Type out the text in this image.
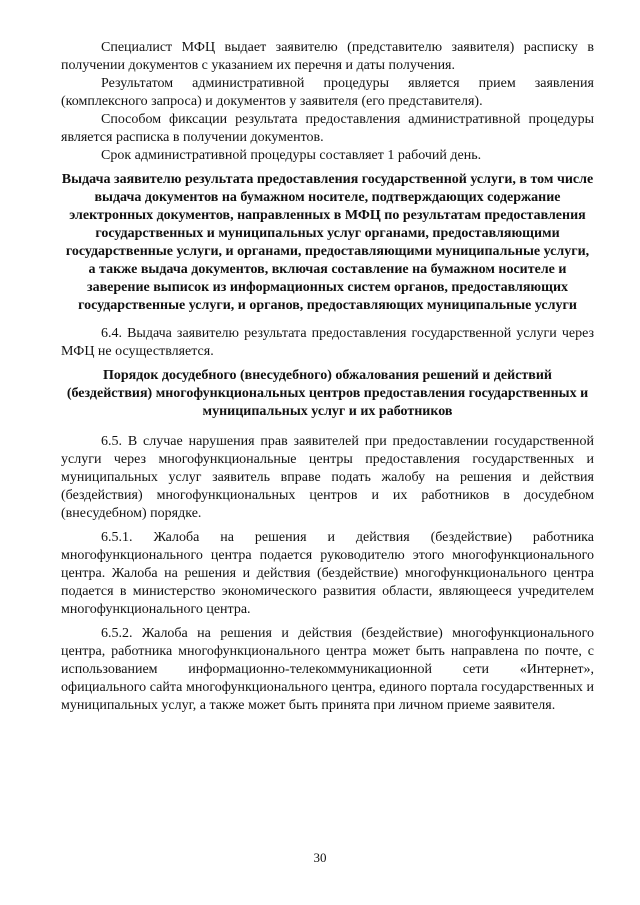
Специалист МФЦ выдает заявителю (представителю заявителя) расписку в получении документов с указанием их перечня и даты получения.

Результатом административной процедуры является прием заявления (комплексного запроса) и документов у заявителя (его представителя).

Способом фиксации результата предоставления административной процедуры является расписка в получении документов.

Срок административной процедуры составляет 1 рабочий день.

Выдача заявителю результата предоставления государственной услуги, в том числе выдача документов на бумажном носителе, подтверждающих содержание электронных документов, направленных в МФЦ по результатам предоставления государственных и муниципальных услуг органами, предоставляющими государственные услуги, и органами, предоставляющими муниципальные услуги, а также выдача документов, включая составление на бумажном носителе и заверение выписок из информационных систем органов, предоставляющих государственные услуги, и органов, предоставляющих муниципальные услуги

6.4. Выдача заявителю результата предоставления государственной услуги через МФЦ не осуществляется.

Порядок досудебного (внесудебного) обжалования решений и действий (бездействия) многофункциональных центров предоставления государственных и муниципальных услуг и их работников

6.5. В случае нарушения прав заявителей при предоставлении государственной услуги через многофункциональные центры предоставления государственных и муниципальных услуг заявитель вправе подать жалобу на решения и действия (бездействия) многофункциональных центров и их работников в досудебном (внесудебном) порядке.

6.5.1. Жалоба на решения и действия (бездействие) работника многофункционального центра подается руководителю этого многофункционального центра. Жалоба на решения и действия (бездействие) многофункционального центра подается в министерство экономического развития области, являющееся учредителем многофункционального центра.

6.5.2. Жалоба на решения и действия (бездействие) многофункционального центра, работника многофункционального центра может быть направлена по почте, с использованием информационно-телекоммуникационной сети «Интернет», официального сайта многофункционального центра, единого портала государственных и муниципальных услуг, а также может быть принята при личном приеме заявителя.

30
